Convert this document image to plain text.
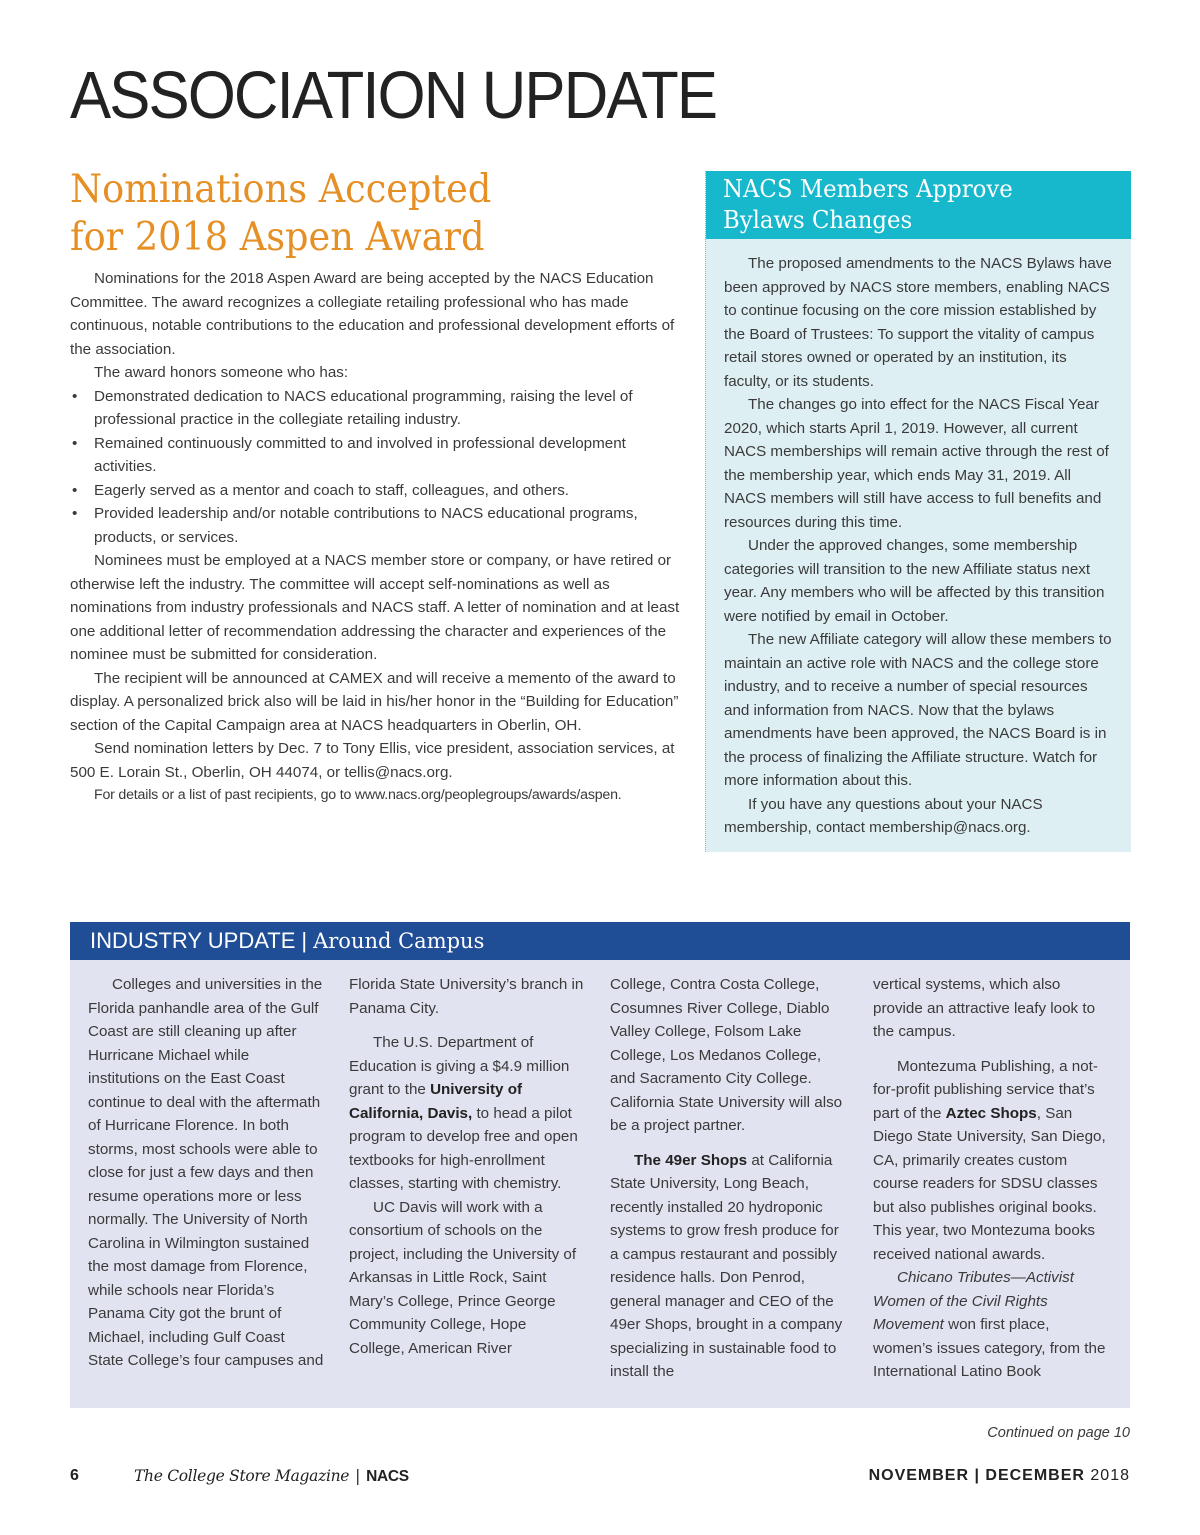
ASSOCIATION UPDATE
Nominations Accepted
for 2018 Aspen Award

Nominations for the 2018 Aspen Award are being accepted by the NACS Education Committee. The award recognizes a collegiate retailing professional who has made continuous, notable contributions to the education and professional development efforts of the association.

The award honors someone who has:

• Demonstrated dedication to NACS educational programming, raising the level of professional practice in the collegiate retailing industry.
• Remained continuously committed to and involved in professional development activities.
• Eagerly served as a mentor and coach to staff, colleagues, and others.
• Provided leadership and/or notable contributions to NACS educational programs, products, or services.

Nominees must be employed at a NACS member store or company, or have retired or otherwise left the industry. The committee will accept self-nominations as well as nominations from industry professionals and NACS staff. A letter of nomination and at least one additional letter of recommendation addressing the character and experiences of the nominee must be submitted for consideration.

The recipient will be announced at CAMEX and will receive a memento of the award to display. A personalized brick also will be laid in his/her honor in the “Building for Education” section of the Capital Campaign area at NACS headquarters in Oberlin, OH.

Send nomination letters by Dec. 7 to Tony Ellis, vice president, association services, at 500 E. Lorain St., Oberlin, OH 44074, or tellis@nacs.org.

For details or a list of past recipients, go to www.nacs.org/peoplegroups/awards/aspen.

NACS Members Approve
Bylaws Changes

The proposed amendments to the NACS Bylaws have been approved by NACS store members, enabling NACS to continue focusing on the core mission established by the Board of Trustees: To support the vitality of campus retail stores owned or operated by an institution, its faculty, or its students.

The changes go into effect for the NACS Fiscal Year 2020, which starts April 1, 2019. However, all current NACS memberships will remain active through the rest of the membership year, which ends May 31, 2019. All NACS members will still have access to full benefits and resources during this time.

Under the approved changes, some membership categories will transition to the new Affiliate status next year. Any members who will be affected by this transition were notified by email in October.

The new Affiliate category will allow these members to maintain an active role with NACS and the college store industry, and to receive a number of special resources and information from NACS. Now that the bylaws amendments have been approved, the NACS Board is in the process of finalizing the Affiliate structure. Watch for more information about this.

If you have any questions about your NACS membership, contact membership@nacs.org.

INDUSTRY UPDATE | Around Campus

Colleges and universities in the Florida panhandle area of the Gulf Coast are still cleaning up after Hurricane Michael while institutions on the East Coast continue to deal with the aftermath of Hurricane Florence. In both storms, most schools were able to close for just a few days and then resume operations more or less normally. The University of North Carolina in Wilmington sustained the most damage from Florence, while schools near Florida’s Panama City got the brunt of Michael, including Gulf Coast State College’s four campuses and

Florida State University’s branch in Panama City.

The U.S. Department of Education is giving a $4.9 million grant to the University of California, Davis, to head a pilot program to develop free and open textbooks for high-enrollment classes, starting with chemistry.

UC Davis will work with a consortium of schools on the project, including the University of Arkansas in Little Rock, Saint Mary’s College, Prince George Community College, Hope College, American River

College, Contra Costa College, Cosumnes River College, Diablo Valley College, Folsom Lake College, Los Medanos College, and Sacramento City College. California State University will also be a project partner.

The 49er Shops at California State University, Long Beach, recently installed 20 hydroponic systems to grow fresh produce for a campus restaurant and possibly residence halls. Don Penrod, general manager and CEO of the 49er Shops, brought in a company specializing in sustainable food to install the

vertical systems, which also provide an attractive leafy look to the campus.

Montezuma Publishing, a not-for-profit publishing service that’s part of the Aztec Shops, San Diego State University, San Diego, CA, primarily creates custom course readers for SDSU classes but also publishes original books. This year, two Montezuma books received national awards.

Chicano Tributes—Activist Women of the Civil Rights Movement won first place, women’s issues category, from the International Latino Book

Continued on page 10
6	The College Store Magazine | NACS	NOVEMBER | DECEMBER 2018
